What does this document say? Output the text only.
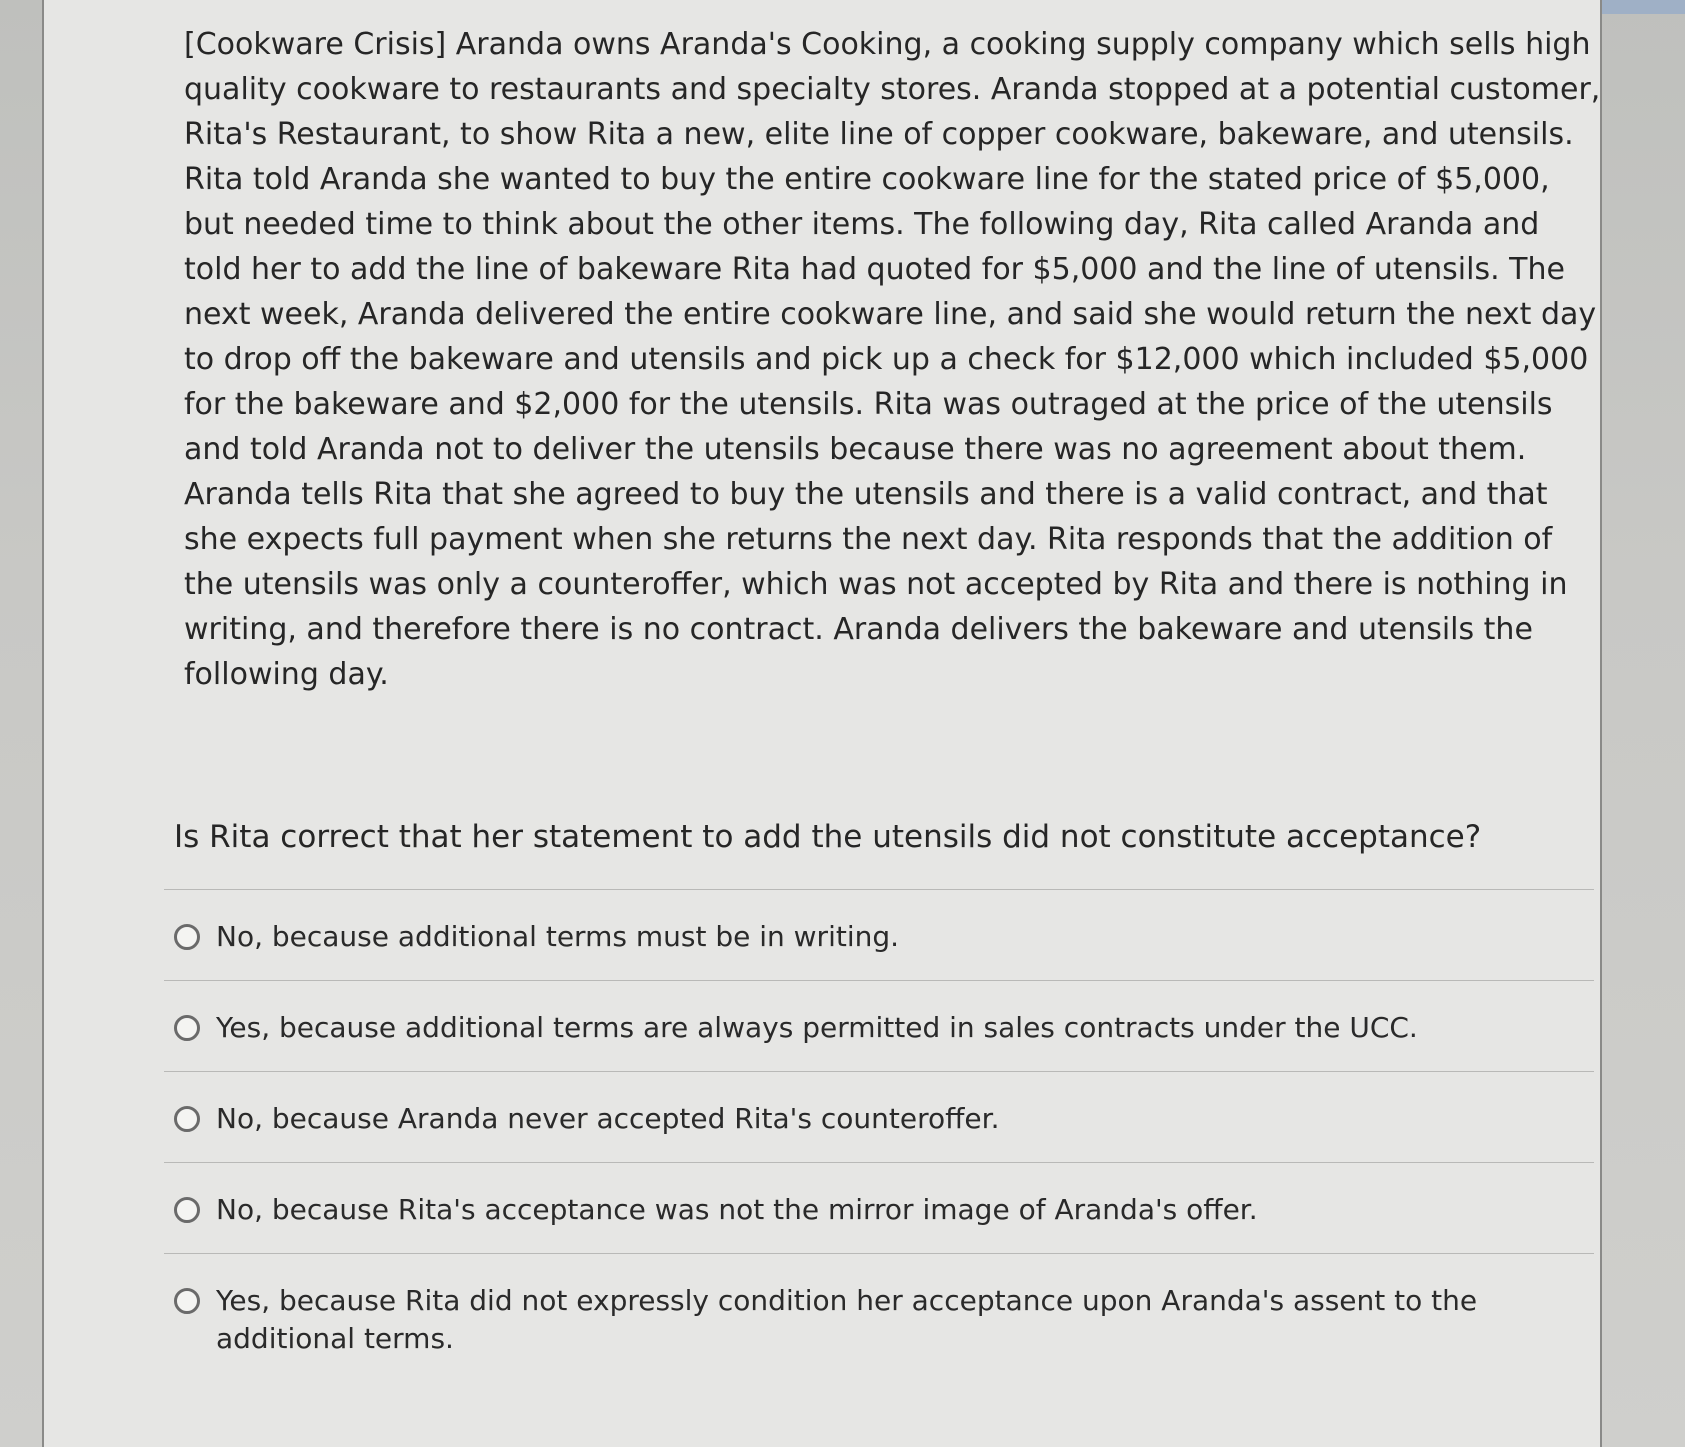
[Cookware Crisis] Aranda owns Aranda's Cooking, a cooking supply company which sells high quality cookware to restaurants and specialty stores. Aranda stopped at a potential customer, Rita's Restaurant, to show Rita a new, elite line of copper cookware, bakeware, and utensils. Rita told Aranda she wanted to buy the entire cookware line for the stated price of $5,000, but needed time to think about the other items. The following day, Rita called Aranda and told her to add the line of bakeware Rita had quoted for $5,000 and the line of utensils. The next week, Aranda delivered the entire cookware line, and said she would return the next day to drop off the bakeware and utensils and pick up a check for $12,000 which included $5,000 for the bakeware and $2,000 for the utensils. Rita was outraged at the price of the utensils and told Aranda not to deliver the utensils because there was no agreement about them. Aranda tells Rita that she agreed to buy the utensils and there is a valid contract, and that she expects full payment when she returns the next day. Rita responds that the addition of the utensils was only a counteroffer, which was not accepted by Rita and there is nothing in writing, and therefore there is no contract. Aranda delivers the bakeware and utensils the following day.

Is Rita correct that her statement to add the utensils did not constitute acceptance?
No, because additional terms must be in writing.
Yes, because additional terms are always permitted in sales contracts under the UCC.
No, because Aranda never accepted Rita's counteroffer.
No, because Rita's acceptance was not the mirror image of Aranda's offer.
Yes, because Rita did not expressly condition her acceptance upon Aranda's assent to the additional terms.
